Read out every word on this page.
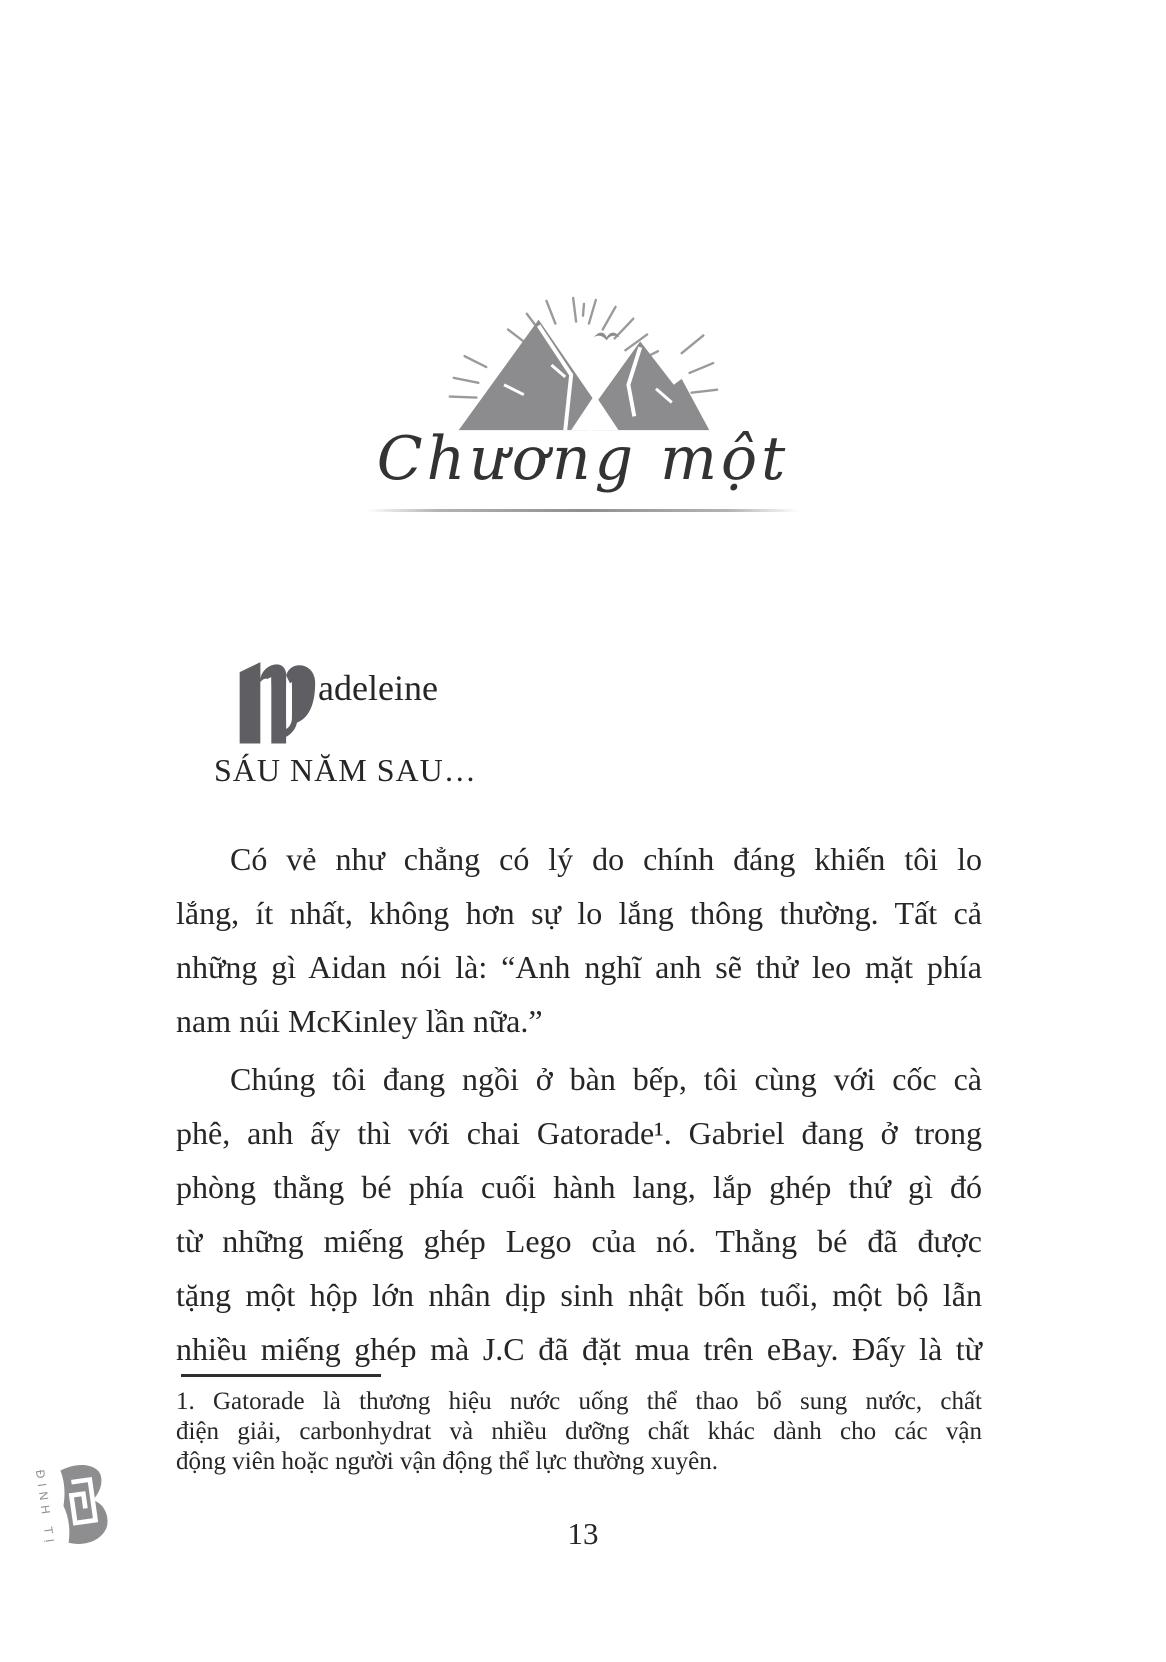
Chương một
adeleine
SÁU NĂM SAU…
Có vẻ như chẳng có lý do chính đáng khiến tôi lo
lắng, ít nhất, không hơn sự lo lắng thông thường. Tất cả
những gì Aidan nói là: “Anh nghĩ anh sẽ thử leo mặt phía
nam núi McKinley lần nữa.”
Chúng tôi đang ngồi ở bàn bếp, tôi cùng với cốc cà
phê, anh ấy thì với chai Gatorade¹. Gabriel đang ở trong
phòng thằng bé phía cuối hành lang, lắp ghép thứ gì đó
từ những miếng ghép Lego của nó. Thằng bé đã được
tặng một hộp lớn nhân dịp sinh nhật bốn tuổi, một bộ lẫn
nhiều miếng ghép mà J.C đã đặt mua trên eBay. Đấy là từ
1. Gatorade là thương hiệu nước uống thể thao bổ sung nước, chất
điện giải, carbonhydrat và nhiều dưỡng chất khác dành cho các vận
động viên hoặc người vận động thể lực thường xuyên.
ĐINH TỊ	13
